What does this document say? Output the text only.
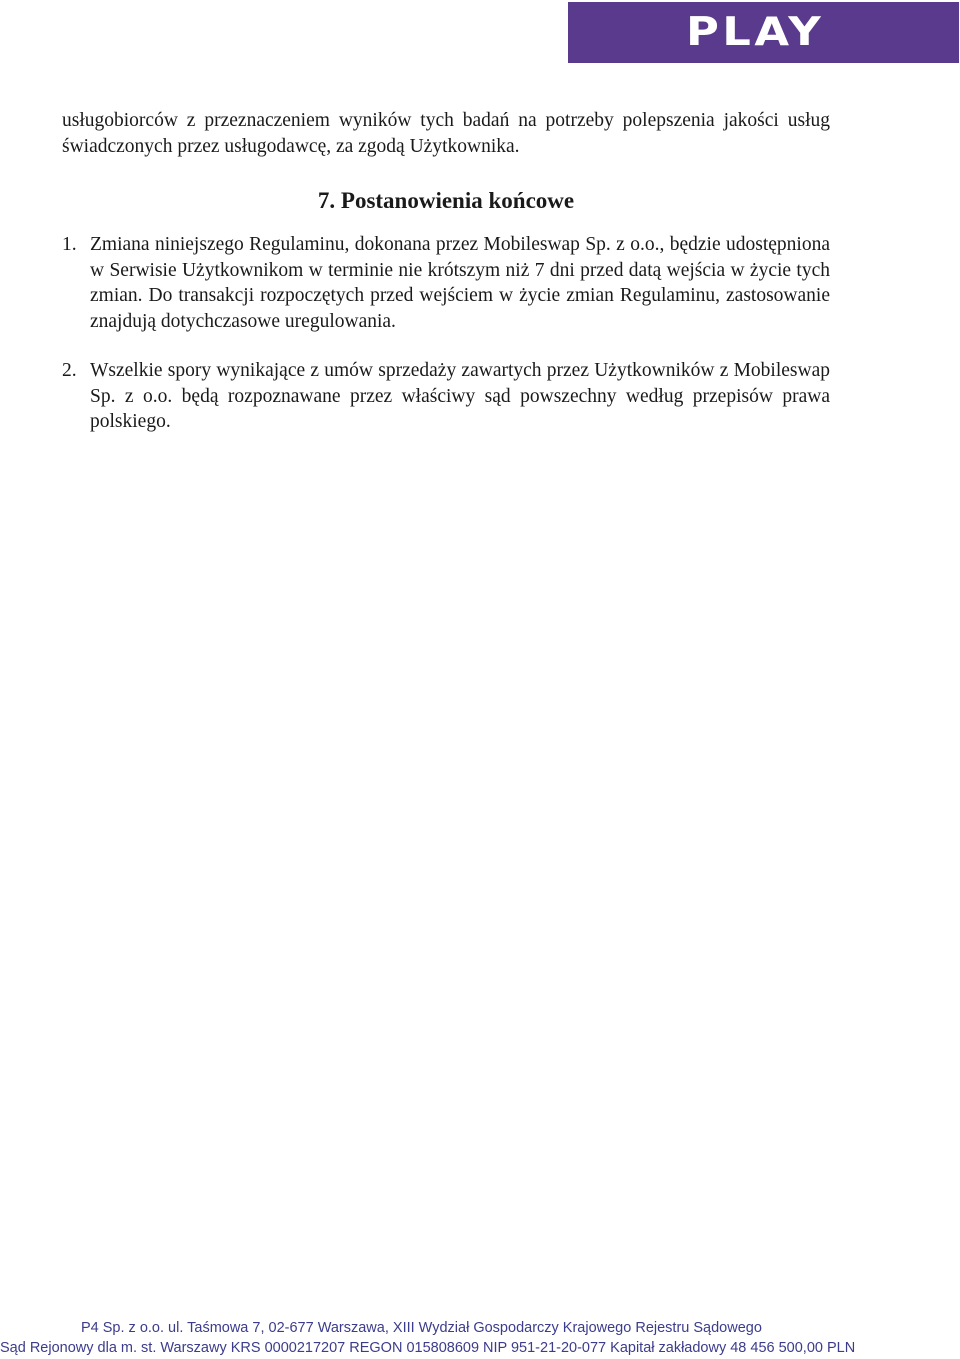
PLAY

usługobiorców z przeznaczeniem wyników tych badań na potrzeby polepszenia jakości usług świadczonych przez usługodawcę, za zgodą Użytkownika.

7. Postanowienia końcowe
1. Zmiana niniejszego Regulaminu, dokonana przez Mobileswap Sp. z o.o., będzie udostępniona w Serwisie Użytkownikom w terminie nie krótszym niż 7 dni przed datą wejścia w życie tych zmian. Do transakcji rozpoczętych przed wejściem w życie zmian Regulaminu, zastosowanie znajdują dotychczasowe uregulowania.
2. Wszelkie spory wynikające z umów sprzedaży zawartych przez Użytkowników z Mobileswap Sp. z o.o. będą rozpoznawane przez właściwy sąd powszechny według przepisów prawa polskiego.
P4 Sp. z o.o. ul. Taśmowa 7, 02-677 Warszawa, XIII Wydział Gospodarczy Krajowego Rejestru Sądowego
Sąd Rejonowy dla m. st. Warszawy KRS 0000217207 REGON 015808609 NIP 951-21-20-077 Kapitał zakładowy 48 456 500,00 PLN
